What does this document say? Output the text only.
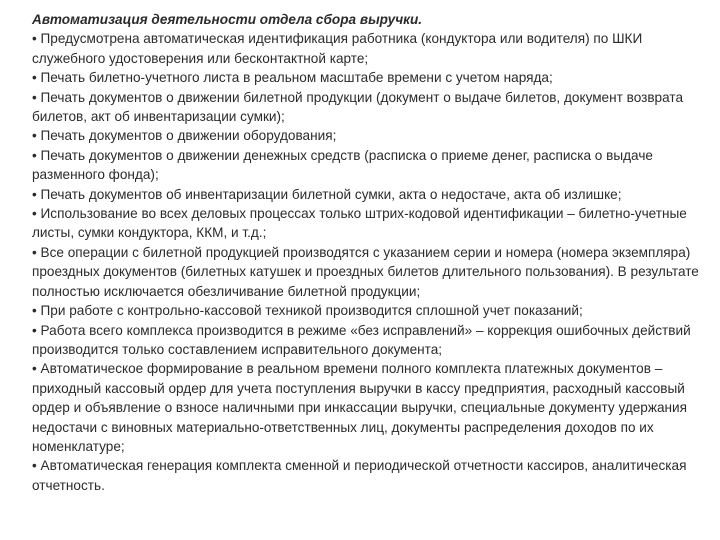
Автоматизация деятельности отдела сбора выручки.

• Предусмотрена автоматическая идентификация работника (кондуктора или водителя) по ШКИ служебного удостоверения или бесконтактной карте;

• Печать билетно-учетного листа в реальном масштабе времени с учетом наряда;

• Печать документов о движении билетной продукции (документ о выдаче билетов, документ возврата билетов, акт об инвентаризации сумки);

• Печать документов о движении оборудования;

• Печать документов о движении денежных средств (расписка о приеме денег, расписка о выдаче разменного фонда);

• Печать документов об инвентаризации билетной сумки, акта о недостаче, акта об излишке;

• Использование во всех деловых процессах только штрих-кодовой идентификации – билетно-учетные листы, сумки кондуктора, ККМ, и т.д.;

• Все операции с билетной продукцией производятся с указанием серии и номера (номера экземпляра) проездных документов (билетных катушек и проездных билетов длительного пользования). В результате полностью исключается обезличивание билетной продукции;

• При работе с контрольно-кассовой техникой производится сплошной учет показаний;

• Работа всего комплекса производится в режиме «без исправлений» – коррекция ошибочных действий производится только составлением исправительного документа;

• Автоматическое формирование в реальном времени полного комплекта платежных документов – приходный кассовый ордер для учета поступления выручки в кассу предприятия, расходный кассовый ордер и объявление о взносе наличными при инкассации выручки, специальные документу удержания недостачи с виновных материально-ответственных лиц, документы распределения доходов по их номенклатуре;

• Автоматическая генерация комплекта сменной и периодической отчетности кассиров, аналитическая отчетность.
